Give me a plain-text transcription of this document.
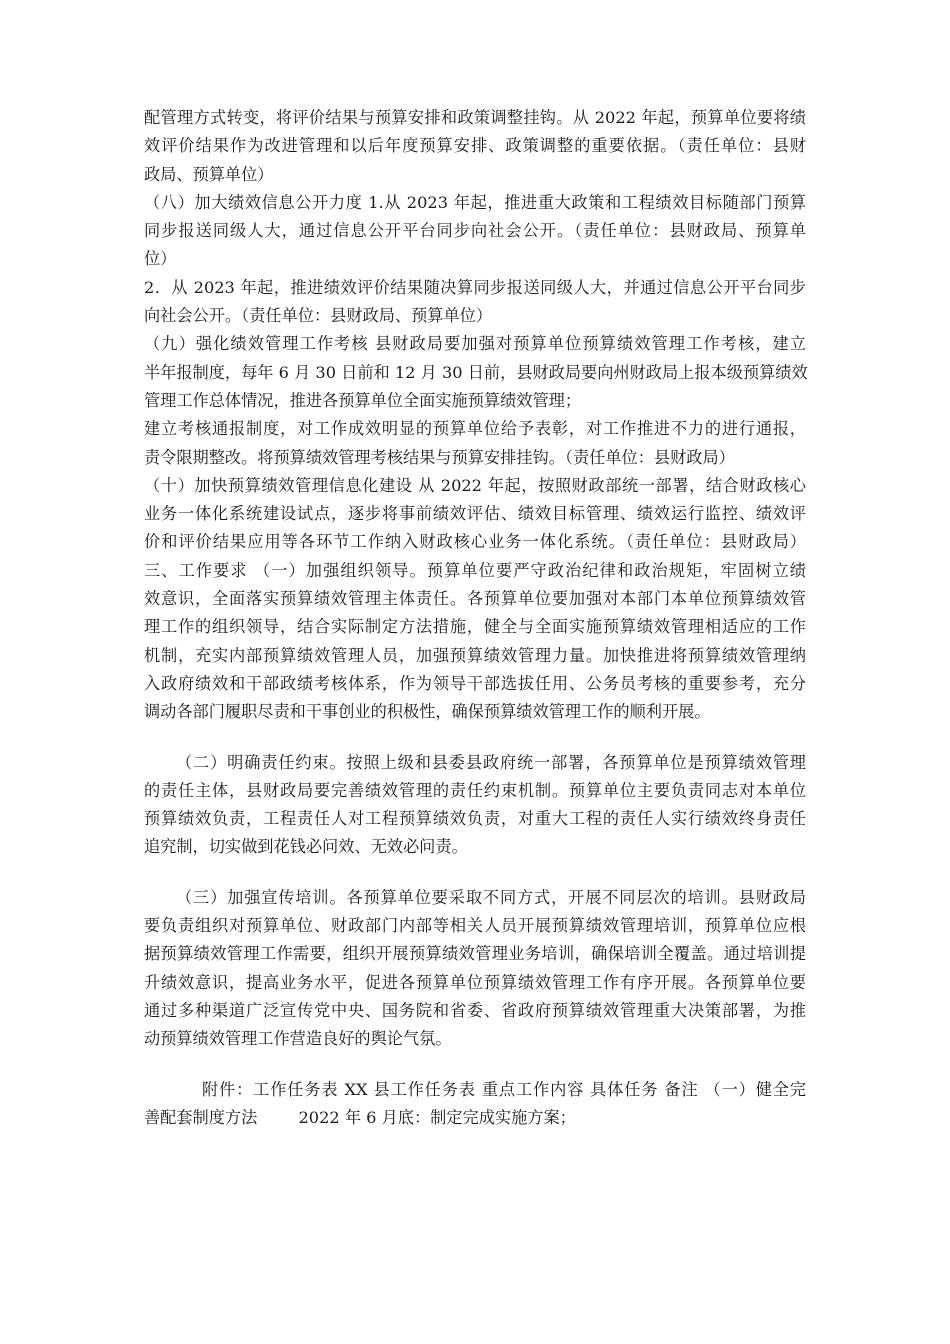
配管理方式转变，将评价结果与预算安排和政策调整挂钩。从 2022 年起，预算单位要将绩
效评价结果作为改进管理和以后年度预算安排、政策调整的重要依据。（责任单位：县财
政局、预算单位）
（八）加大绩效信息公开力度 1.从 2023 年起，推进重大政策和工程绩效目标随部门预算
同步报送同级人大，通过信息公开平台同步向社会公开。（责任单位：县财政局、预算单
位）
2．从 2023 年起，推进绩效评价结果随决算同步报送同级人大，并通过信息公开平台同步
向社会公开。（责任单位：县财政局、预算单位）
（九）强化绩效管理工作考核 县财政局要加强对预算单位预算绩效管理工作考核，建立
半年报制度，每年 6 月 30 日前和 12 月 30 日前，县财政局要向州财政局上报本级预算绩效
管理工作总体情况，推进各预算单位全面实施预算绩效管理；
建立考核通报制度，对工作成效明显的预算单位给予表彰，对工作推进不力的进行通报，
责令限期整改。将预算绩效管理考核结果与预算安排挂钩。（责任单位：县财政局）
（十）加快预算绩效管理信息化建设 从 2022 年起，按照财政部统一部署，结合财政核心
业务一体化系统建设试点，逐步将事前绩效评估、绩效目标管理、绩效运行监控、绩效评
价和评价结果应用等各环节工作纳入财政核心业务一体化系统。（责任单位：县财政局）
三、工作要求 （一）加强组织领导。预算单位要严守政治纪律和政治规矩，牢固树立绩
效意识，全面落实预算绩效管理主体责任。各预算单位要加强对本部门本单位预算绩效管
理工作的组织领导，结合实际制定方法措施，健全与全面实施预算绩效管理相适应的工作
机制，充实内部预算绩效管理人员，加强预算绩效管理力量。加快推进将预算绩效管理纳
入政府绩效和干部政绩考核体系，作为领导干部选拔任用、公务员考核的重要参考，充分
调动各部门履职尽责和干事创业的积极性，确保预算绩效管理工作的顺利开展。
（二）明确责任约束。按照上级和县委县政府统一部署，各预算单位是预算绩效管理
的责任主体，县财政局要完善绩效管理的责任约束机制。预算单位主要负责同志对本单位
预算绩效负责，工程责任人对工程预算绩效负责，对重大工程的责任人实行绩效终身责任
追究制，切实做到花钱必问效、无效必问责。
（三）加强宣传培训。各预算单位要采取不同方式，开展不同层次的培训。县财政局
要负责组织对预算单位、财政部门内部等相关人员开展预算绩效管理培训，预算单位应根
据预算绩效管理工作需要，组织开展预算绩效管理业务培训，确保培训全覆盖。通过培训提
升绩效意识，提高业务水平，促进各预算单位预算绩效管理工作有序开展。各预算单位要
通过多种渠道广泛宣传党中央、国务院和省委、省政府预算绩效管理重大决策部署，为推
动预算绩效管理工作营造良好的舆论气氛。
附件：工作任务表 XX 县工作任务表 重点工作内容 具体任务 备注 （一）健全完
善配套制度方法        2022 年 6 月底：制定完成实施方案；
